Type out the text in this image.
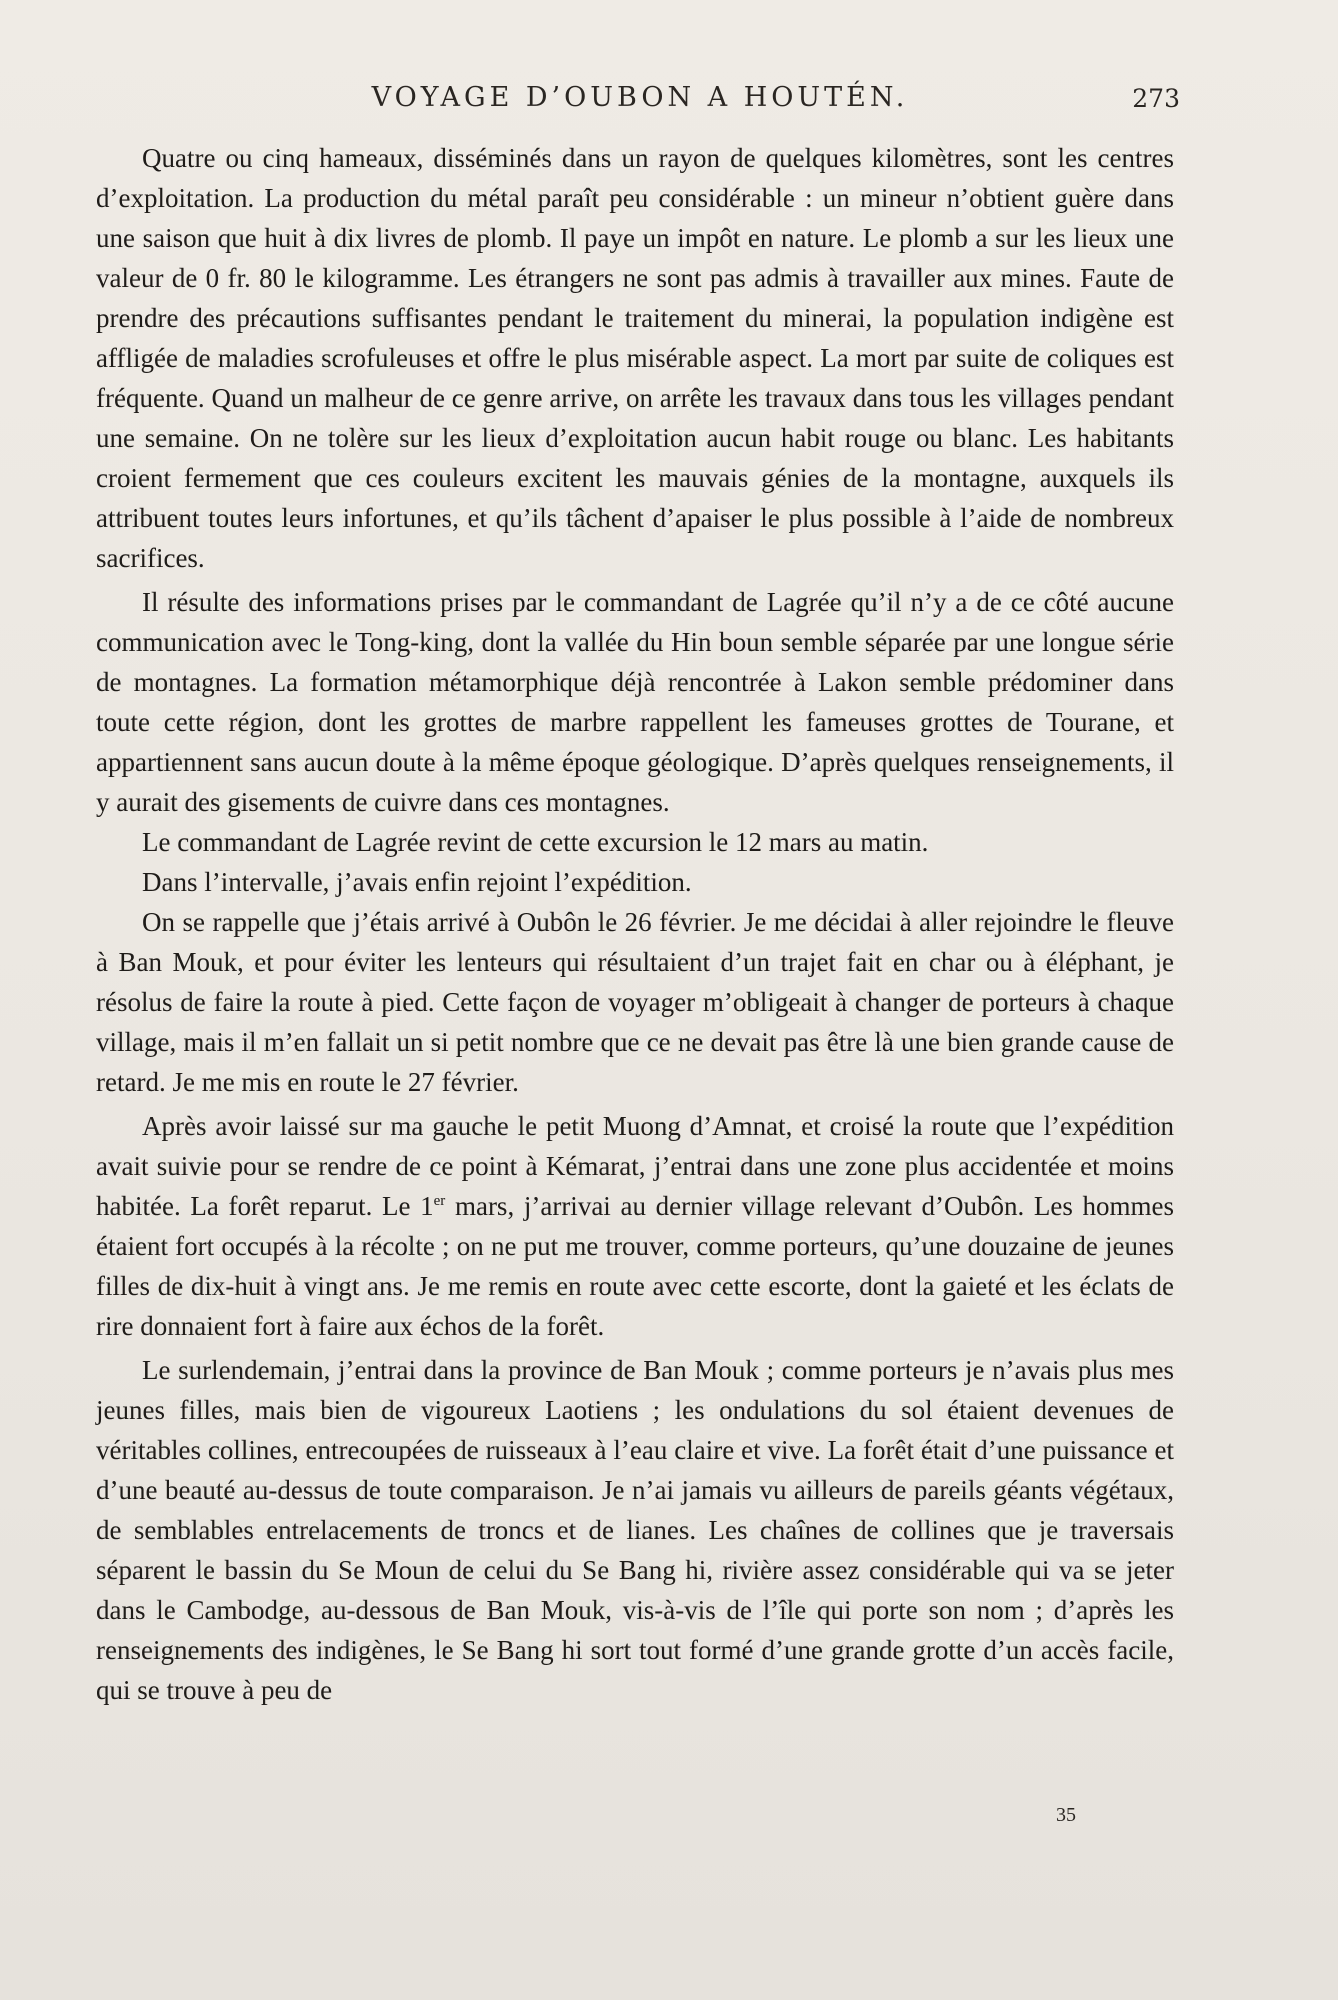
VOYAGE D’OUBON A HOUTÉN.	273

Quatre ou cinq hameaux, disséminés dans un rayon de quelques kilomètres, sont les centres d’exploitation. La production du métal paraît peu considérable : un mineur n’obtient guère dans une saison que huit à dix livres de plomb. Il paye un impôt en nature. Le plomb a sur les lieux une valeur de 0 fr. 80 le kilogramme. Les étrangers ne sont pas admis à travailler aux mines. Faute de prendre des précautions suffisantes pendant le traitement du minerai, la population indigène est affligée de maladies scrofuleuses et offre le plus misérable aspect. La mort par suite de coliques est fréquente. Quand un malheur de ce genre arrive, on arrête les travaux dans tous les villages pendant une semaine. On ne tolère sur les lieux d’exploitation aucun habit rouge ou blanc. Les habitants croient fermement que ces couleurs excitent les mauvais génies de la montagne, auxquels ils attribuent toutes leurs infortunes, et qu’ils tâchent d’apaiser le plus possible à l’aide de nombreux sacrifices.

Il résulte des informations prises par le commandant de Lagrée qu’il n’y a de ce côté aucune communication avec le Tong-king, dont la vallée du Hin boun semble séparée par une longue série de montagnes. La formation métamorphique déjà rencontrée à Lakon semble prédominer dans toute cette région, dont les grottes de marbre rappellent les fameuses grottes de Tourane, et appartiennent sans aucun doute à la même époque géologique. D’après quelques renseignements, il y aurait des gisements de cuivre dans ces montagnes.

Le commandant de Lagrée revint de cette excursion le 12 mars au matin.

Dans l’intervalle, j’avais enfin rejoint l’expédition.

On se rappelle que j’étais arrivé à Oubôn le 26 février. Je me décidai à aller rejoindre le fleuve à Ban Mouk, et pour éviter les lenteurs qui résultaient d’un trajet fait en char ou à éléphant, je résolus de faire la route à pied. Cette façon de voyager m’obligeait à changer de porteurs à chaque village, mais il m’en fallait un si petit nombre que ce ne devait pas être là une bien grande cause de retard. Je me mis en route le 27 février.

Après avoir laissé sur ma gauche le petit Muong d’Amnat, et croisé la route que l’expédition avait suivie pour se rendre de ce point à Kémarat, j’entrai dans une zone plus accidentée et moins habitée. La forêt reparut. Le 1er mars, j’arrivai au dernier village relevant d’Oubôn. Les hommes étaient fort occupés à la récolte ; on ne put me trouver, comme porteurs, qu’une douzaine de jeunes filles de dix-huit à vingt ans. Je me remis en route avec cette escorte, dont la gaieté et les éclats de rire donnaient fort à faire aux échos de la forêt.

Le surlendemain, j’entrai dans la province de Ban Mouk ; comme porteurs je n’avais plus mes jeunes filles, mais bien de vigoureux Laotiens ; les ondulations du sol étaient devenues de véritables collines, entrecoupées de ruisseaux à l’eau claire et vive. La forêt était d’une puissance et d’une beauté au-dessus de toute comparaison. Je n’ai jamais vu ailleurs de pareils géants végétaux, de semblables entrelacements de troncs et de lianes. Les chaînes de collines que je traversais séparent le bassin du Se Moun de celui du Se Bang hi, rivière assez considérable qui va se jeter dans le Cambodge, au-dessous de Ban Mouk, vis-à-vis de l’île qui porte son nom ; d’après les renseignements des indigènes, le Se Bang hi sort tout formé d’une grande grotte d’un accès facile, qui se trouve à peu de

35
